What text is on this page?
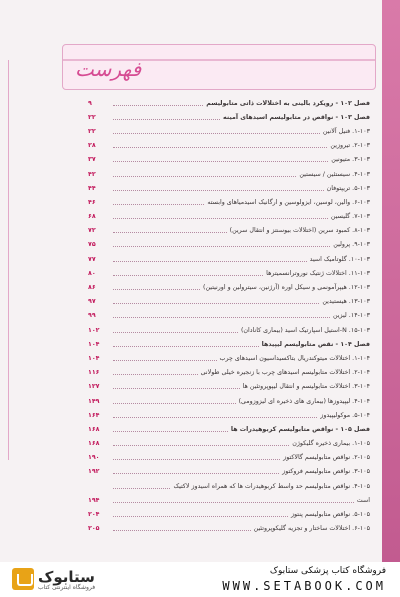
فهرست
فصل ۱۰۲ - رویکرد بالینی به اختلالات ذاتی متابولیسم
۹
فصل ۱۰۳ - نواقص در متابولیسم اسیدهای آمینه
۲۲
۱-۱۰۳. فنیل آلانین
۲۲
۲-۱۰۳. تیروزین
۲۸
۳-۱۰۳. متیونین
۳۷
۴-۱۰۳. سیستئین / سیستین
۴۲
۵-۱۰۳. تریپتوفان
۴۴
۶-۱۰۳. والین، لوسین، ایزولوسین و ارگانیک اسیدمیاهای وابسته
۴۶
۷-۱۰۳. گلیسین
۶۸
۸-۱۰۳. کمبود سرین (اختلالات بیوسنتز و انتقال سرین)
۷۲
۹-۱۰۳. پرولین
۷۵
۱۰-۱۰۳. گلوتامیک اسید
۷۷
۱۱-۱۰۳. اختلالات ژنتیک نوروترانسمیترها
۸۰
۱۲-۱۰۳. هیپرآمونمی و سیکل اوره (آرژنین، سیترولین و اورنیتین)
۸۶
۱۳-۱۰۳. هیستیدین
۹۷
۱۴-۱۰۳. لیزین
۹۹
۱۵-۱۰۳. N-استیل اسپارتیک اسید (بیماری کانادان)
۱۰۲
فصل ۱۰۴ - نقص متابولیسم لیپیدها
۱۰۴
۱-۱۰۴. اختلالات میتوکندریال بتاکسیداسیون اسیدهای چرب
۱۰۴
۲-۱۰۴. اختلالات متابولیسم اسیدهای چرب با زنجیره خیلی طولانی
۱۱۶
۳-۱۰۴. اختلالات متابولیسم و انتقال لیپوپروتئین ها
۱۲۷
۴-۱۰۴. لیپیدوزها (بیماری های ذخیره ای لیزوزومی)
۱۴۹
۵-۱۰۴. موکولیپیدوز
۱۶۴
فصل ۱۰۵ - نواقص متابولیسم کربوهیدرات ها
۱۶۸
۱-۱۰۵. بیماری ذخیره گلیکوژن
۱۶۸
۲-۱۰۵. نواقص متابولیسم گالاکتوز
۱۹۰
۳-۱۰۵. نواقص متابولیسم فروکتوز
۱۹۲
۴-۱۰۵. نواقص متابولیسم حد واسط کربوهیدرات ها که همراه اسیدوز لاکتیک
است
۱۹۴
۵-۱۰۵. نواقص متابولیسم پنتوز
۲۰۴
۶-۱۰۵. اختلالات ساختار و تجزیه گلیکوپروتئین
۲۰۵
ستابوک
فروشگاه اینترنتی کتاب
فروشگاه کتاب پزشکی ستابوک
WWW.SETABOOK.COM
